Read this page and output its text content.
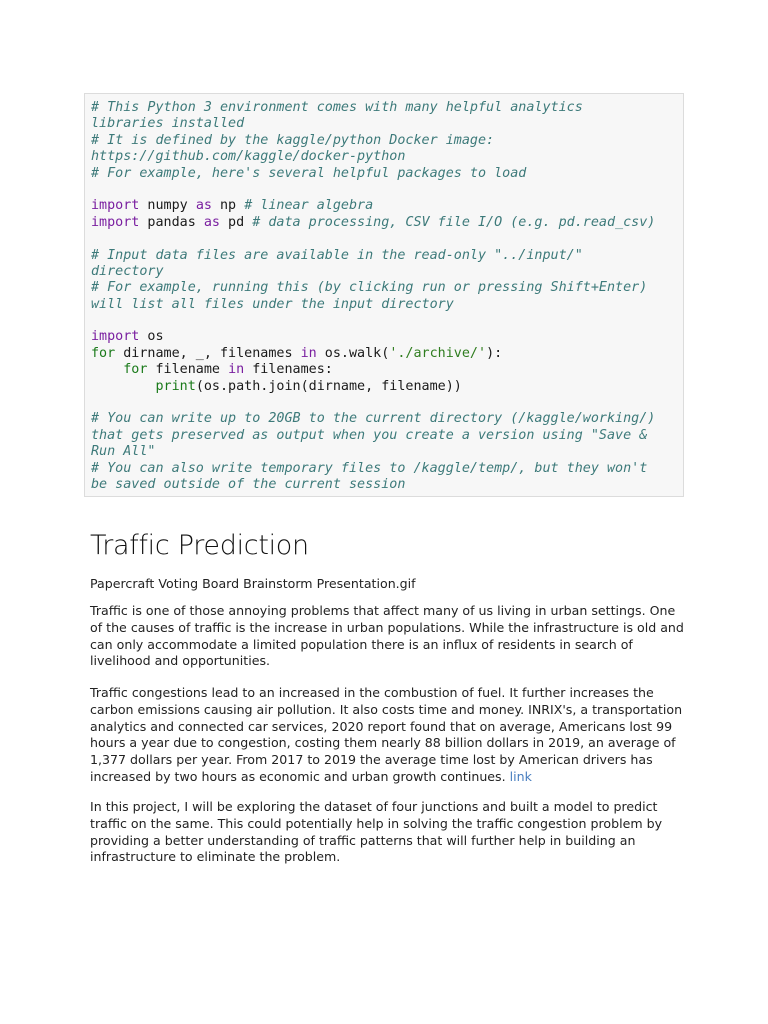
# This Python 3 environment comes with many helpful analytics
libraries installed
# It is defined by the kaggle/python Docker image:
https://github.com/kaggle/docker-python
# For example, here's several helpful packages to load
import numpy as np # linear algebra
import pandas as pd # data processing, CSV file I/O (e.g. pd.read_csv)
# Input data files are available in the read-only "../input/"
directory
# For example, running this (by clicking run or pressing Shift+Enter)
will list all files under the input directory
import os
for dirname, _, filenames in os.walk('./archive/'):
for filename in filenames:
print(os.path.join(dirname, filename))
# You can write up to 20GB to the current directory (/kaggle/working/)
that gets preserved as output when you create a version using "Save &
Run All"
# You can also write temporary files to /kaggle/temp/, but they won't
be saved outside of the current session
Traffic Prediction

Papercraft Voting Board Brainstorm Presentation.gif

Traffic is one of those annoying problems that affect many of us living in urban settings. One of the causes of traffic is the increase in urban populations. While the infrastructure is old and can only accommodate a limited population there is an influx of residents in search of livelihood and opportunities.

Traffic congestions lead to an increased in the combustion of fuel. It further increases the carbon emissions causing air pollution. It also costs time and money. INRIX's, a transportation analytics and connected car services, 2020 report found that on average, Americans lost 99 hours a year due to congestion, costing them nearly 88 billion dollars in 2019, an average of 1,377 dollars per year. From 2017 to 2019 the average time lost by American drivers has increased by two hours as economic and urban growth continues. link

In this project, I will be exploring the dataset of four junctions and built a model to predict traffic on the same. This could potentially help in solving the traffic congestion problem by providing a better understanding of traffic patterns that will further help in building an infrastructure to eliminate the problem.
